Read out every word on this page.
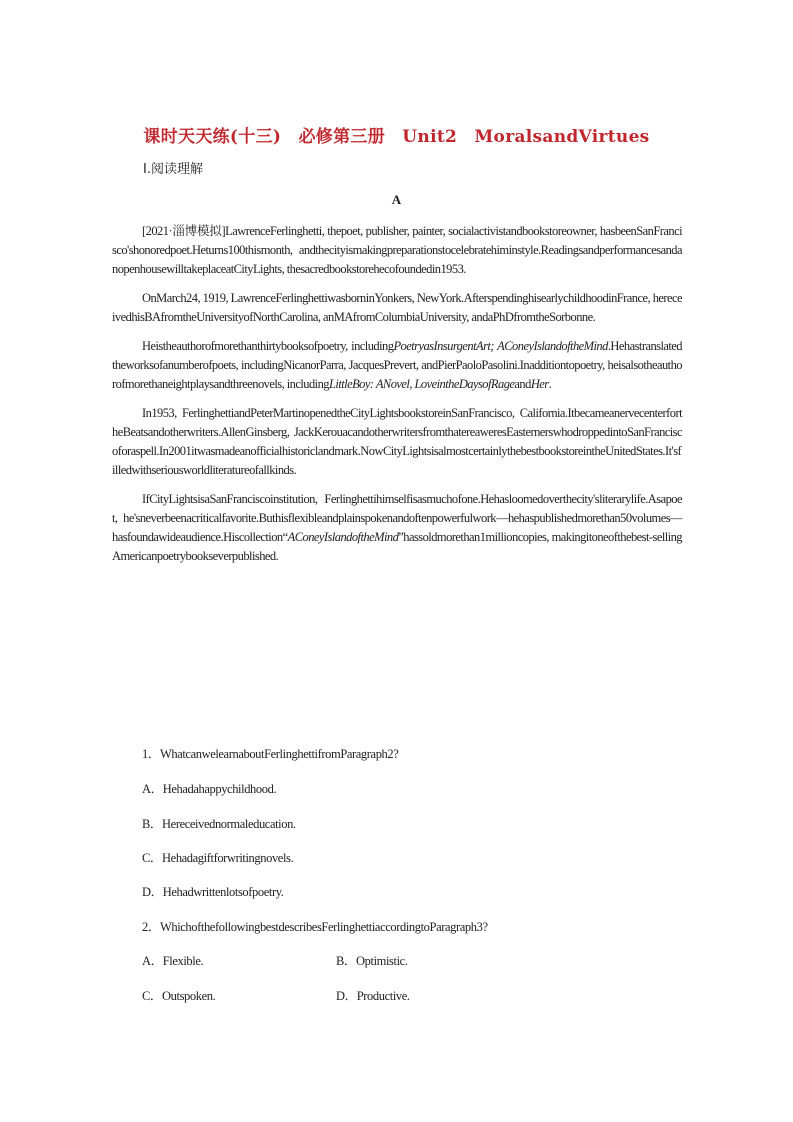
课时天天练(十三)　必修第三册　Unit2　MoralsandVirtues
Ⅰ.阅读理解
A

[2021·淄博模拟]LawrenceFerlinghetti, thepoet, publisher, painter, socialactivistandbookstoreowner, hasbeenSanFrancisco'shonoredpoet.Heturns100thismonth, andthecityismakingpreparationstocelebratehiminstyle.ReadingsandperformancesandanopenhousewilltakeplaceatCityLights, thesacredbookstorehecofoundedin1953.

OnMarch24, 1919, LawrenceFerlinghettiwasborninYonkers, NewYork.AfterspendinghisearlychildhoodinFrance, hereceivedhisBAfromtheUniversityofNorthCarolina, anMAfromColumbiaUniversity, andaPhDfromtheSorbonne.

Heistheauthorofmorethanthirtybooksofpoetry, includingPoetryasInsurgentArt; AConeyIslandoftheMind.Hehastranslatedtheworksofanumberofpoets, includingNicanorParra, JacquesPrevert, andPierPaoloPasolini.Inadditiontopoetry, heisalsotheauthorofmorethaneightplaysandthreenovels, includingLittleBoy: ANovel, LoveintheDaysofRageandHer.

In1953, FerlinghettiandPeterMartinopenedtheCityLightsbookstoreinSanFrancisco, California.ItbecameanervecenterfortheBeatsandotherwriters.AllenGinsberg, JackKerouacandotherwritersfromthatereaweresEasternerswhodroppedintoSanFranciscoforaspell.In2001itwasmadeanofficialhistoriclandmark.NowCityLightsisalmostcertainlythebestbookstoreintheUnitedStates.It'sfilledwithseriousworldliteratureofallkinds.

IfCityLightsisaSanFranciscoinstitution, Ferlinghettihimselfisasmuchofone.Hehasloomedoverthecity'sliterarylife.Asapoet, he'sneverbeenacriticalfavorite.Buthisflexibleandplainspokenandoftenpowerfulwork—hehaspublishedmorethan50volumes—hasfoundawideaudience.Hiscollection“AConeyIslandoftheMind”hassoldmorethan1millioncopies, makingitoneofthebest-sellingAmericanpoetrybookseverpublished.

1．WhatcanwelearnaboutFerlinghettifromParagraph2?
A．Hehadahappychildhood.
B．Hereceivednormaleducation.
C．Hehadagiftforwritingnovels.
D．Hehadwrittenlotsofpoetry.
2．WhichofthefollowingbestdescribesFerlinghettiaccordingtoParagraph3?
A．Flexible.	B．Optimistic.
C．Outspoken.	D．Productive.
